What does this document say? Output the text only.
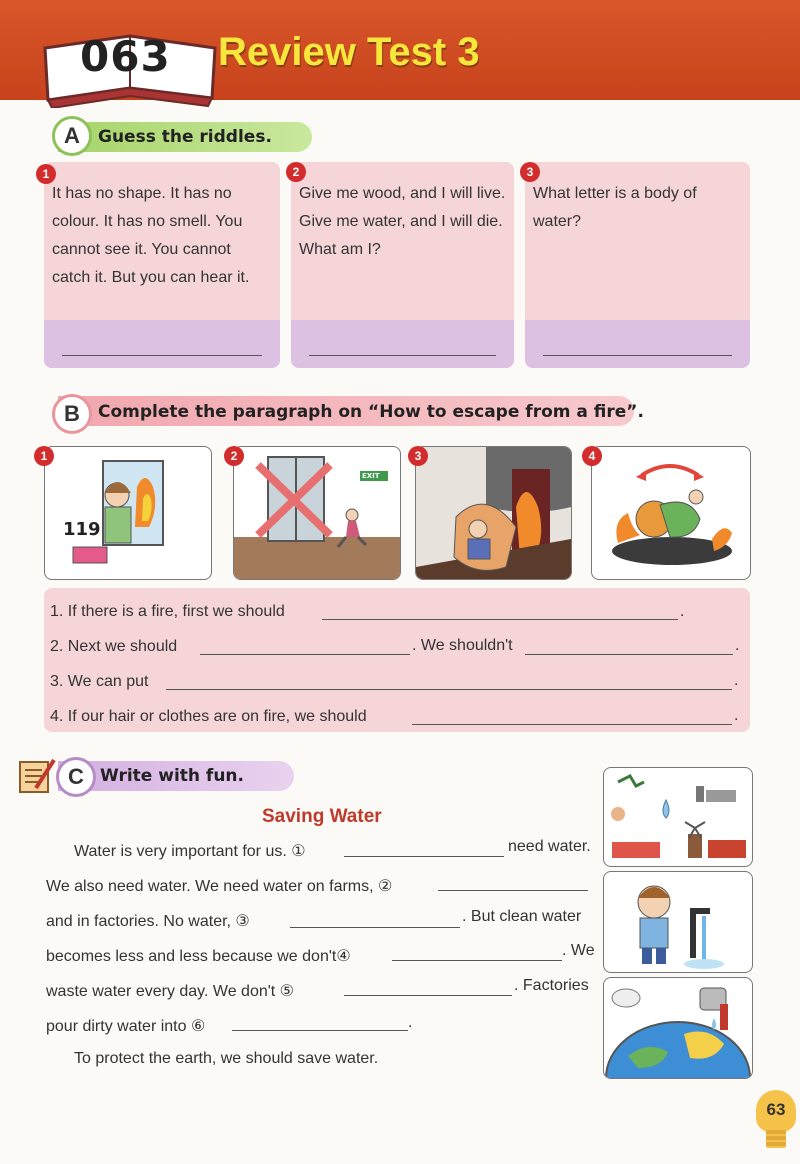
063 Review Test 3
A	Guess the riddles.
It has no shape. It has no colour. It has no smell. You cannot see it. You cannot catch it. But you can hear it.
1
Give me wood, and I will live. Give me water, and I will die. What am I?
2
What letter is a body of water?
3
B	Complete the paragraph on “How to escape from a fire”.
119
1
EXIT
2	3	4
1. If there is a fire, first we should	.
2. Next we should	. We shouldn't	.
3. We can put	.
4. If our hair or clothes are on fire, we should	.
C Write with fun.
Saving Water
Water is very important for us. ①	need water.
We also need water. We need water on farms, ②
and in factories. No water, ③	. But clean water
becomes less and less because we don't④	. We
waste water every day. We don't ⑤	. Factories
pour dirty water into ⑥	.
To protect the earth, we should save water.
63
